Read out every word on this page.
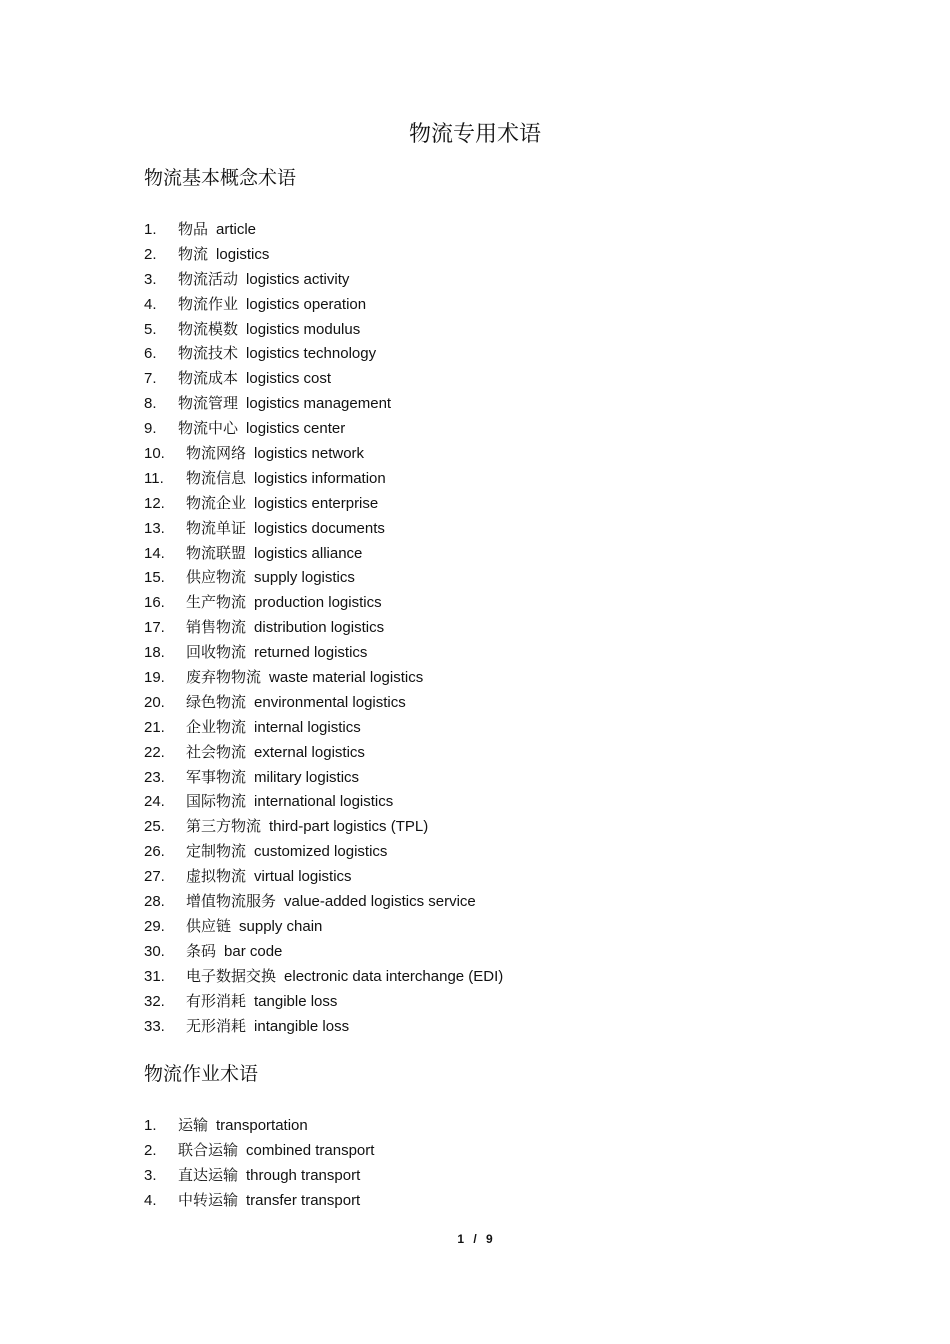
物流专用术语
物流基本概念术语
1. 物品 article
2. 物流 logistics
3. 物流活动 logistics activity
4. 物流作业 logistics operation
5. 物流模数 logistics modulus
6. 物流技术 logistics technology
7. 物流成本 logistics cost
8. 物流管理 logistics management
9. 物流中心 logistics center
10. 物流网络 logistics network
11. 物流信息 logistics information
12. 物流企业 logistics enterprise
13. 物流单证 logistics documents
14. 物流联盟 logistics alliance
15. 供应物流 supply logistics
16. 生产物流 production logistics
17. 销售物流 distribution logistics
18. 回收物流 returned logistics
19. 废弃物物流 waste material logistics
20. 绿色物流 environmental logistics
21. 企业物流 internal logistics
22. 社会物流 external logistics
23. 军事物流 military logistics
24. 国际物流 international logistics
25. 第三方物流 third-part logistics (TPL)
26. 定制物流 customized logistics
27. 虚拟物流 virtual logistics
28. 增值物流服务 value-added logistics service
29. 供应链 supply chain
30. 条码 bar code
31. 电子数据交换 electronic data interchange (EDI)
32. 有形消耗 tangible loss
33. 无形消耗 intangible loss
物流作业术语
1. 运输 transportation
2. 联合运输 combined transport
3. 直达运输 through transport
4. 中转运输 transfer transport
1 / 9
